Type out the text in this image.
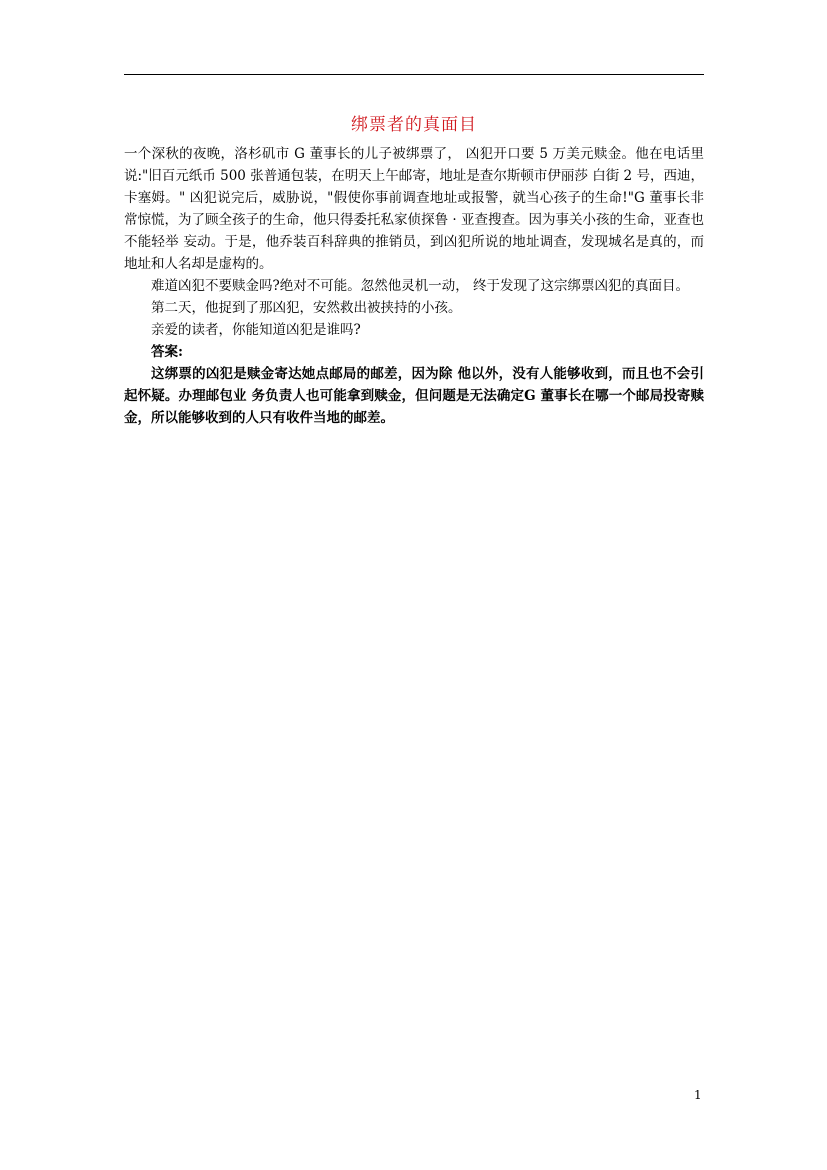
绑票者的真面目

一个深秋的夜晚，洛杉矶市 G 董事长的儿子被绑票了， 凶犯开口要 5 万美元赎金。他在电话里说:"旧百元纸币 500 张普通包装，在明天上午邮寄，地址是查尔斯顿市伊丽莎 白街 2 号，西迪，卡塞姆。" 凶犯说完后，威胁说，"假使你事前调查地址或报警，就当心孩子的生命!"G 董事长非常惊慌，为了顾全孩子的生命，他只得委托私家侦探鲁 · 亚查搜查。因为事关小孩的生命，亚查也不能轻举 妄动。于是，他乔装百科辞典的推销员，到凶犯所说的地址调查，发现城名是真的，而地址和人名却是虚构的。

难道凶犯不要赎金吗?绝对不可能。忽然他灵机一动， 终于发现了这宗绑票凶犯的真面目。

第二天，他捉到了那凶犯，安然救出被挟持的小孩。

亲爱的读者，你能知道凶犯是谁吗?

答案:

这绑票的凶犯是赎金寄达她点邮局的邮差，因为除 他以外，没有人能够收到，而且也不会引起怀疑。办理邮包业 务负责人也可能拿到赎金，但问题是无法确定G 董事长在哪一个邮局投寄赎金，所以能够收到的人只有收件当地的邮差。

1
